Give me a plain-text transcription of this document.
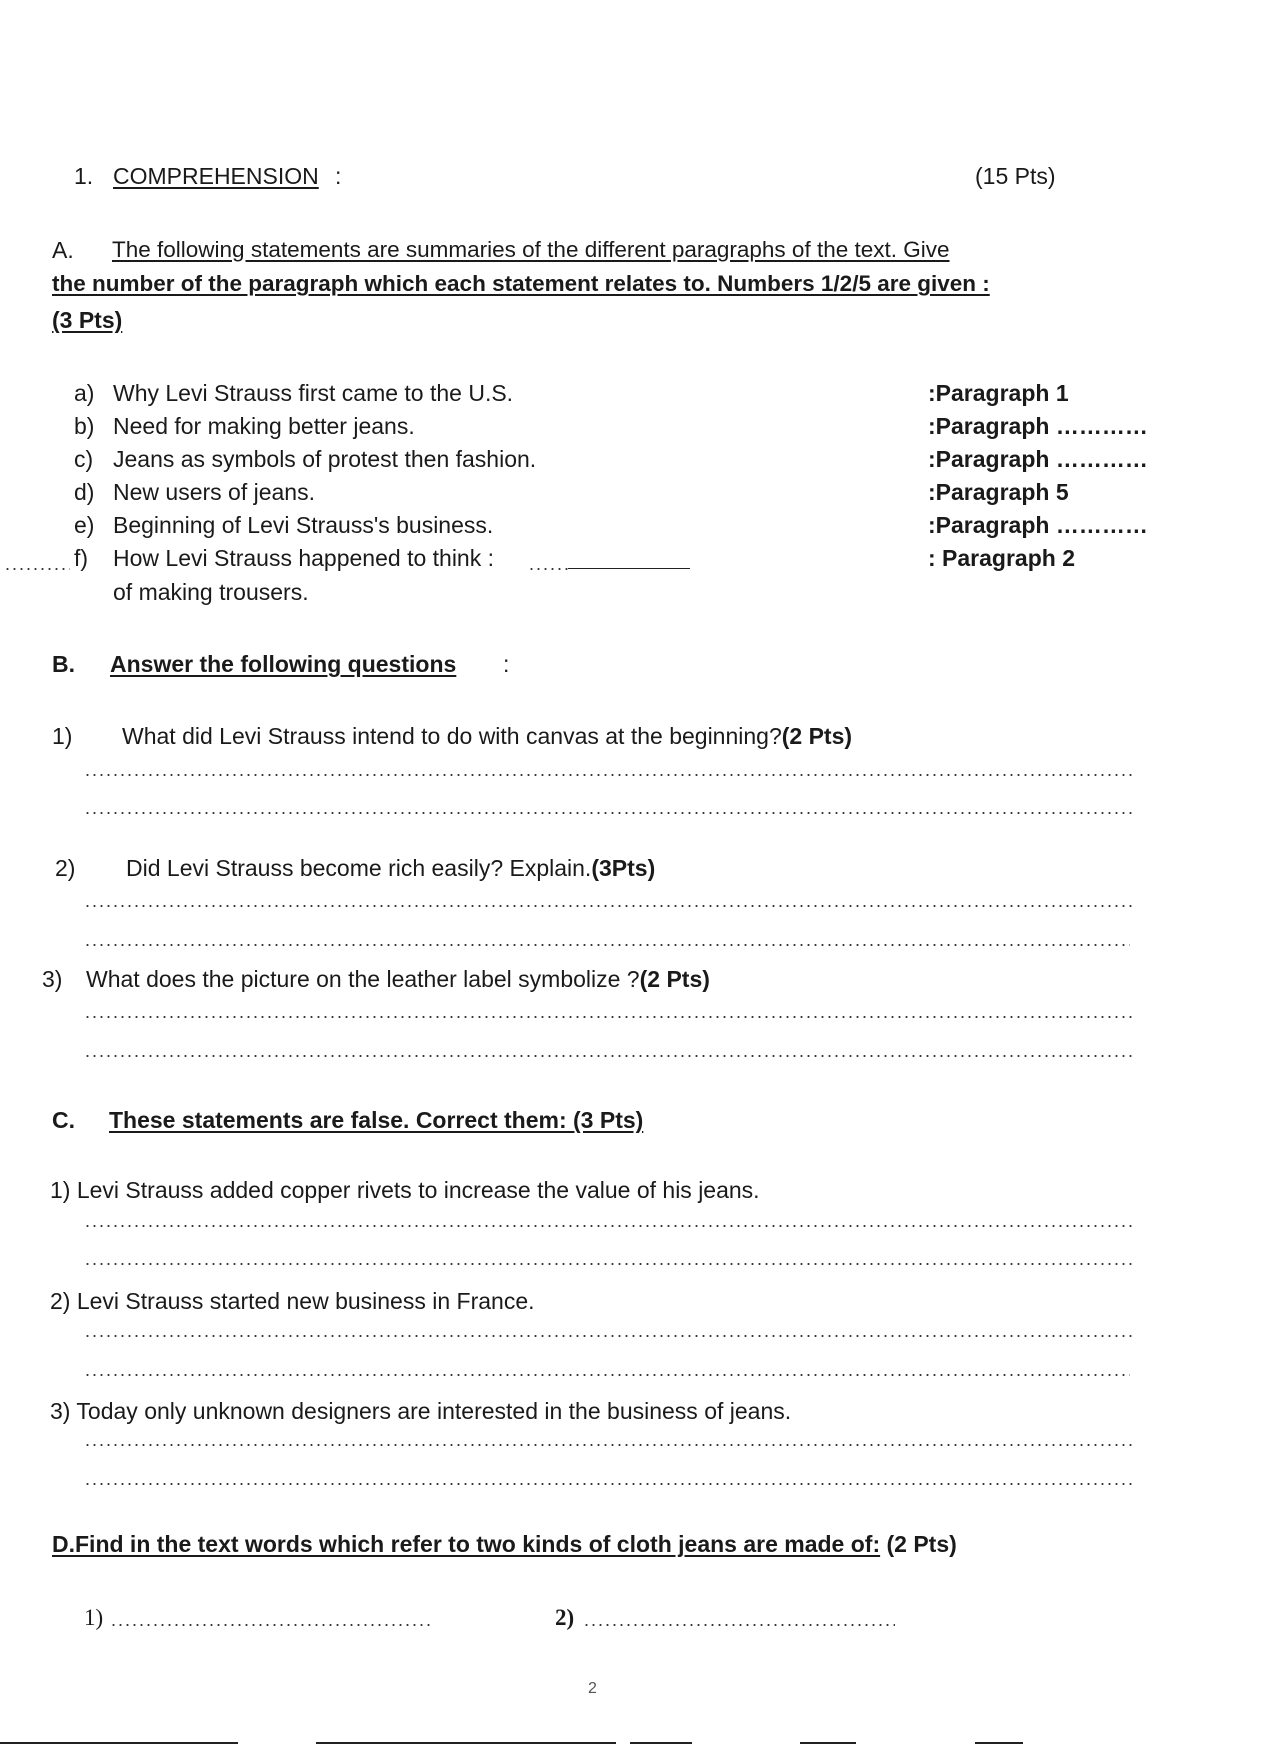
1. COMPREHENSION :	(15 Pts)
A. The following statements are summaries of the different paragraphs of the text. Give
the number of the paragraph which each statement relates to. Numbers 1/2/5 are given :
(3 Pts)
a) Why Levi Strauss first came to the U.S.	:Paragraph 1
b) Need for making better jeans.	:Paragraph …………
c) Jeans as symbols of protest then fashion.	:Paragraph …………
d) New users of jeans.	:Paragraph 5
e) Beginning of Levi Strauss's business.	:Paragraph …………
f) How Levi Strauss happened to think :	: Paragraph 2
of making trousers.
B. Answer the following questions :
1) What did Levi Strauss intend to do with canvas at the beginning?(2 Pts)
2) Did Levi Strauss become rich easily? Explain.(3Pts)
3) What does the picture on the leather label symbolize ?(2 Pts)
C. These statements are false. Correct them: (3 Pts)
1) Levi Strauss added copper rivets to increase the value of his jeans.
2) Levi Strauss started new business in France.
3) Today only unknown designers are interested in the business of jeans.
D.Find in the text words which refer to two kinds of cloth jeans are made of: (2 Pts)
1)	2)
2
